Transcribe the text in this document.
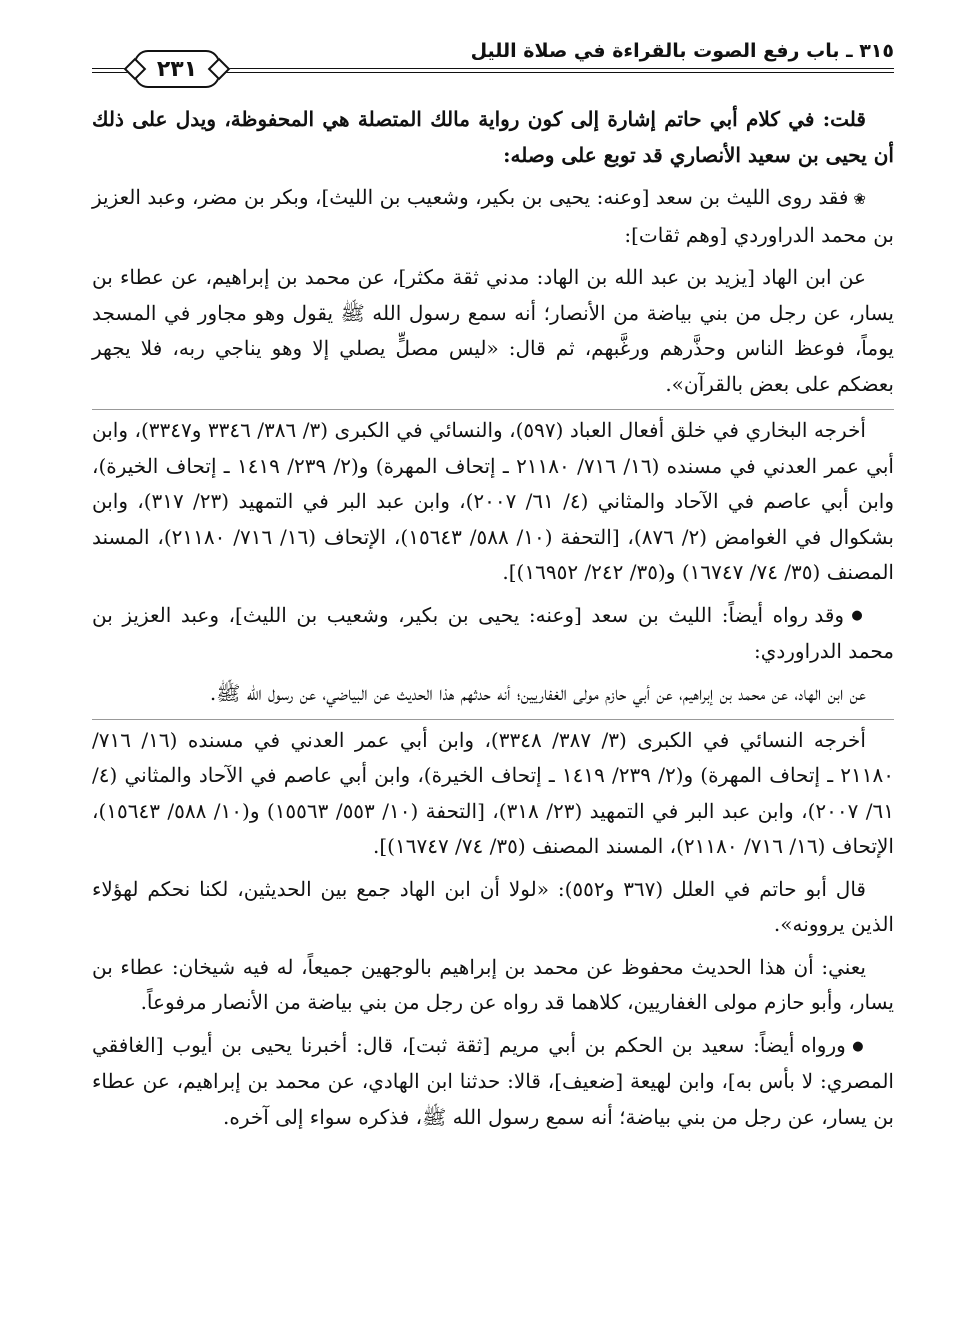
٣١٥ ـ باب رفع الصوت بالقراءة في صلاة الليل
٢٣١

قلت: في كلام أبي حاتم إشارة إلى كون رواية مالك المتصلة هي المحفوظة، ويدل على ذلك أن يحيى بن سعيد الأنصاري قد توبع على وصله:

❀ فقد روى الليث بن سعد [وعنه: يحيى بن بكير، وشعيب بن الليث]، وبكر بن مضر، وعبد العزيز بن محمد الدراوردي [وهم ثقات]:

عن ابن الهاد [يزيد بن عبد الله بن الهاد: مدني ثقة مكثر]، عن محمد بن إبراهيم، عن عطاء بن يسار، عن رجل من بني بياضة من الأنصار؛ أنه سمع رسول الله ﷺ يقول وهو مجاور في المسجد يوماً، فوعظ الناس وحذَّرهم ورغَّبهم، ثم قال: «ليس مصلٍّ يصلي إلا وهو يناجي ربه، فلا يجهر بعضكم على بعض بالقرآن».

أخرجه البخاري في خلق أفعال العباد (٥٩٧)، والنسائي في الكبرى (٣/ ٣٨٦/ ٣٣٤٦ و٣٣٤٧)، وابن أبي عمر العدني في مسنده (١٦/ ٧١٦/ ٢١١٨٠ ـ إتحاف المهرة) و(٢/ ٢٣٩/ ١٤١٩ ـ إتحاف الخيرة)، وابن أبي عاصم في الآحاد والمثاني (٤/ ٦١/ ٢٠٠٧)، وابن عبد البر في التمهيد (٢٣/ ٣١٧)، وابن بشكوال في الغوامض (٢/ ٨٧٦)، [التحفة (١٠/ ٥٨٨/ ١٥٦٤٣)، الإتحاف (١٦/ ٧١٦/ ٢١١٨٠)، المسند المصنف (٣٥/ ٧٤/ ١٦٧٤٧) و(٣٥/ ٢٤٢/ ١٦٩٥٢)].

● وقد رواه أيضاً: الليث بن سعد [وعنه: يحيى بن بكير، وشعيب بن الليث]، وعبد العزيز بن محمد الدراوردي:

عن ابن الهاد، عن محمد بن إبراهيم، عن أبي حازم مولى الغفاريين؛ أنه حدثهم هذا الحديث عن البياضي، عن رسول الله ﷺ.

أخرجه النسائي في الكبرى (٣/ ٣٨٧/ ٣٣٤٨)، وابن أبي عمر العدني في مسنده (١٦/ ٧١٦/ ٢١١٨٠ ـ إتحاف المهرة) و(٢/ ٢٣٩/ ١٤١٩ ـ إتحاف الخيرة)، وابن أبي عاصم في الآحاد والمثاني (٤/ ٦١/ ٢٠٠٧)، وابن عبد البر في التمهيد (٢٣/ ٣١٨)، [التحفة (١٠/ ٥٥٣/ ١٥٥٦٣) و(١٠/ ٥٨٨/ ١٥٦٤٣)، الإتحاف (١٦/ ٧١٦/ ٢١١٨٠)، المسند المصنف (٣٥/ ٧٤/ ١٦٧٤٧)].

قال أبو حاتم في العلل (٣٦٧ و٥٥٢): «لولا أن ابن الهاد جمع بين الحديثين، لكنا نحكم لهؤلاء الذين يروونه».

يعني: أن هذا الحديث محفوظ عن محمد بن إبراهيم بالوجهين جميعاً، له فيه شيخان: عطاء بن يسار، وأبو حازم مولى الغفاريين، كلاهما قد رواه عن رجل من بني بياضة من الأنصار مرفوعاً.

● ورواه أيضاً: سعيد بن الحكم بن أبي مريم [ثقة ثبت]، قال: أخبرنا يحيى بن أيوب [الغافقي المصري: لا بأس به]، وابن لهيعة [ضعيف]، قالا: حدثنا ابن الهادي، عن محمد بن إبراهيم، عن عطاء بن يسار، عن رجل من بني بياضة؛ أنه سمع رسول الله ﷺ، فذكره سواء إلى آخره.
